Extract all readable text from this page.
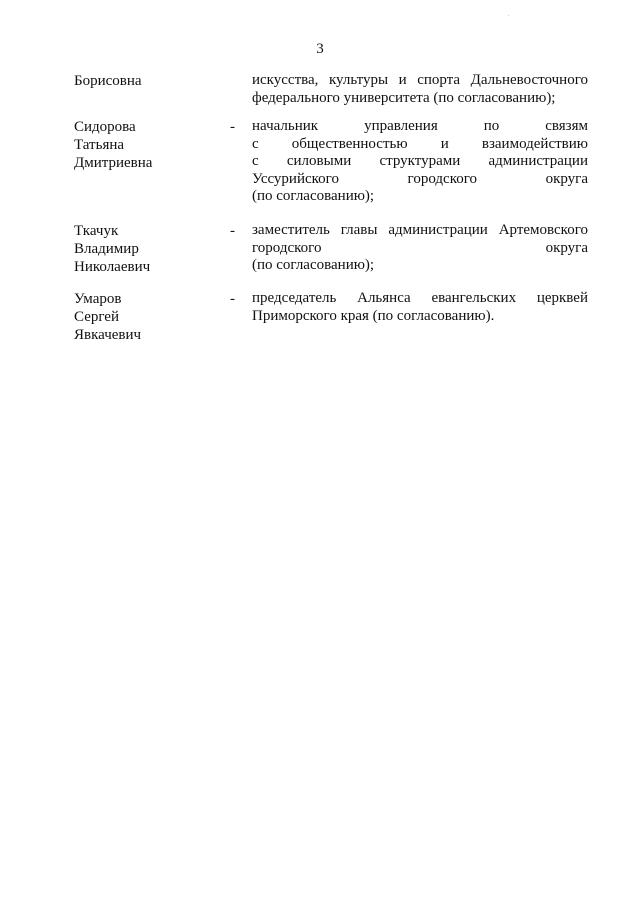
.
3
Борисовна	искусства, культуры и спорта Дальневосточного
федерального университета (по согласованию);
Сидорова
Татьяна
Дмитриевна
-	начальник управления по связям
с общественностью и взаимодействию
с силовыми структурами администрации
Уссурийского городского округа
(по согласованию);
Ткачук
Владимир
Николаевич
-	заместитель главы администрации Артемовского
городского округа
(по согласованию);
Умаров
Сергей
Явкачевич
-	председатель Альянса евангельских церквей
Приморского края (по согласованию).
